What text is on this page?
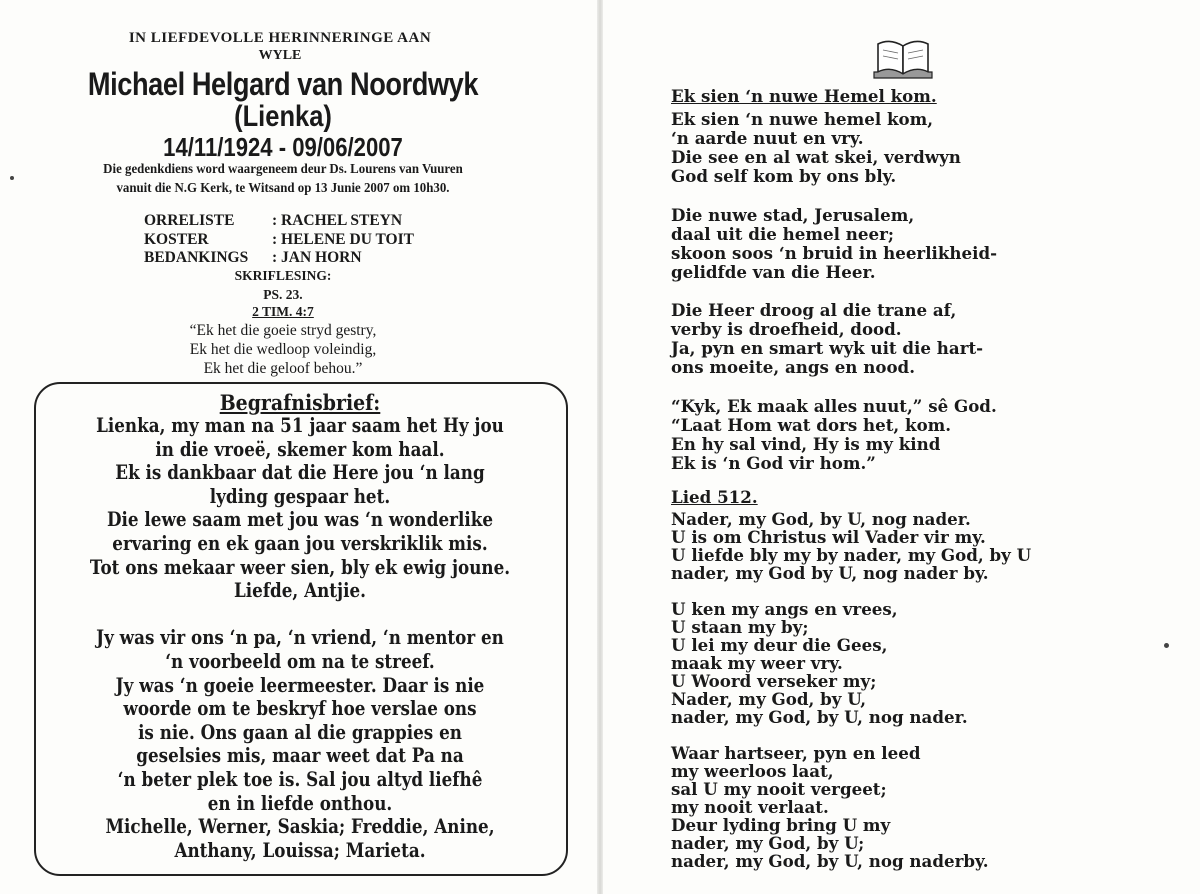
IN LIEFDEVOLLE HERINNERINGE AAN
WYLE
Michael Helgard van Noordwyk
(Lienka)
14/11/1924 - 09/06/2007
Die gedenkdiens word waargeneem deur Ds. Lourens van Vuuren
vanuit die N.G Kerk, te Witsand op 13 Junie 2007 om 10h30.
ORRELISTE : RACHEL STEYN
KOSTER	: HELENE DU TOIT
BEDANKINGS : JAN HORN
SKRIFLESING:
PS. 23.
2 TIM. 4:7
“Ek het die goeie stryd gestry,
Ek het die wedloop voleindig,
Ek het die geloof behou.”
Begrafnisbrief:
Lienka, my man na 51 jaar saam het Hy jou
in die vroeë, skemer kom haal.
Ek is dankbaar dat die Here jou ‘n lang
lyding gespaar het.
Die lewe saam met jou was ‘n wonderlike
ervaring en ek gaan jou verskriklik mis.
Tot ons mekaar weer sien, bly ek ewig joune.
Liefde, Antjie.
Jy was vir ons ‘n pa, ‘n vriend, ‘n mentor en
‘n voorbeeld om na te streef.
Jy was ‘n goeie leermeester. Daar is nie
woorde om te beskryf hoe verslae ons
is nie. Ons gaan al die grappies en
geselsies mis, maar weet dat Pa na
‘n beter plek toe is. Sal jou altyd liefhê
en in liefde onthou.
Michelle, Werner, Saskia; Freddie, Anine,
Anthany, Louissa; Marieta.
Ek sien ‘n nuwe Hemel kom.
Ek sien ‘n nuwe hemel kom,
‘n aarde nuut en vry.
Die see en al wat skei, verdwyn
God self kom by ons bly.
Die nuwe stad, Jerusalem,
daal uit die hemel neer;
skoon soos ‘n bruid in heerlikheid-
gelidfde van die Heer.
Die Heer droog al die trane af,
verby is droefheid, dood.
Ja, pyn en smart wyk uit die hart-
ons moeite, angs en nood.
“Kyk, Ek maak alles nuut,” sê God.
“Laat Hom wat dors het, kom.
En hy sal vind, Hy is my kind
Ek is ‘n God vir hom.”
Lied 512.
Nader, my God, by U, nog nader.
U is om Christus wil Vader vir my.
U liefde bly my by nader, my God, by U
nader, my God by U, nog nader by.
U ken my angs en vrees,
U staan my by;
U lei my deur die Gees,
maak my weer vry.
U Woord verseker my;
Nader, my God, by U,
nader, my God, by U, nog nader.
Waar hartseer, pyn en leed
my weerloos laat,
sal U my nooit vergeet;
my nooit verlaat.
Deur lyding bring U my
nader, my God, by U;
nader, my God, by U, nog naderby.
